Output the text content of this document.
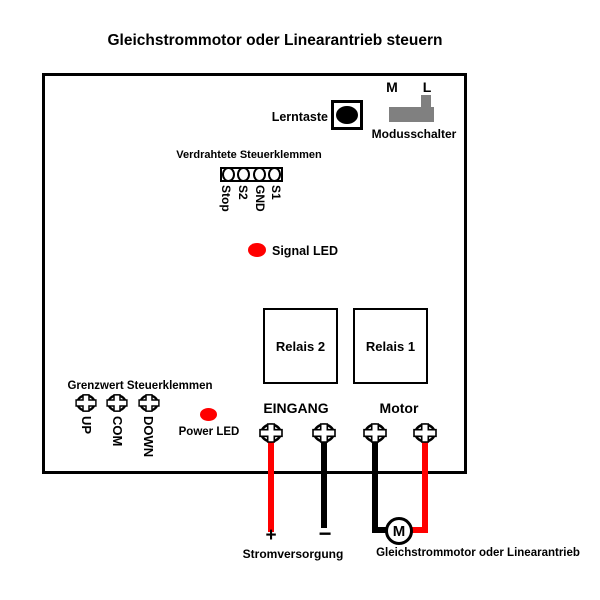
Gleichstrommotor oder Linearantrieb steuern
Lerntaste
M	L
Modusschalter
Verdrahtete Steuerklemmen
Stop S2 GND S1
Signal LED
Relais 2	Relais 1
Grenzwert Steuerklemmen
UP COM DOWN Power LED
EINGANG	Motor
M
+ −
Stromversorgung	Gleichstrommotor oder Linearantrieb
